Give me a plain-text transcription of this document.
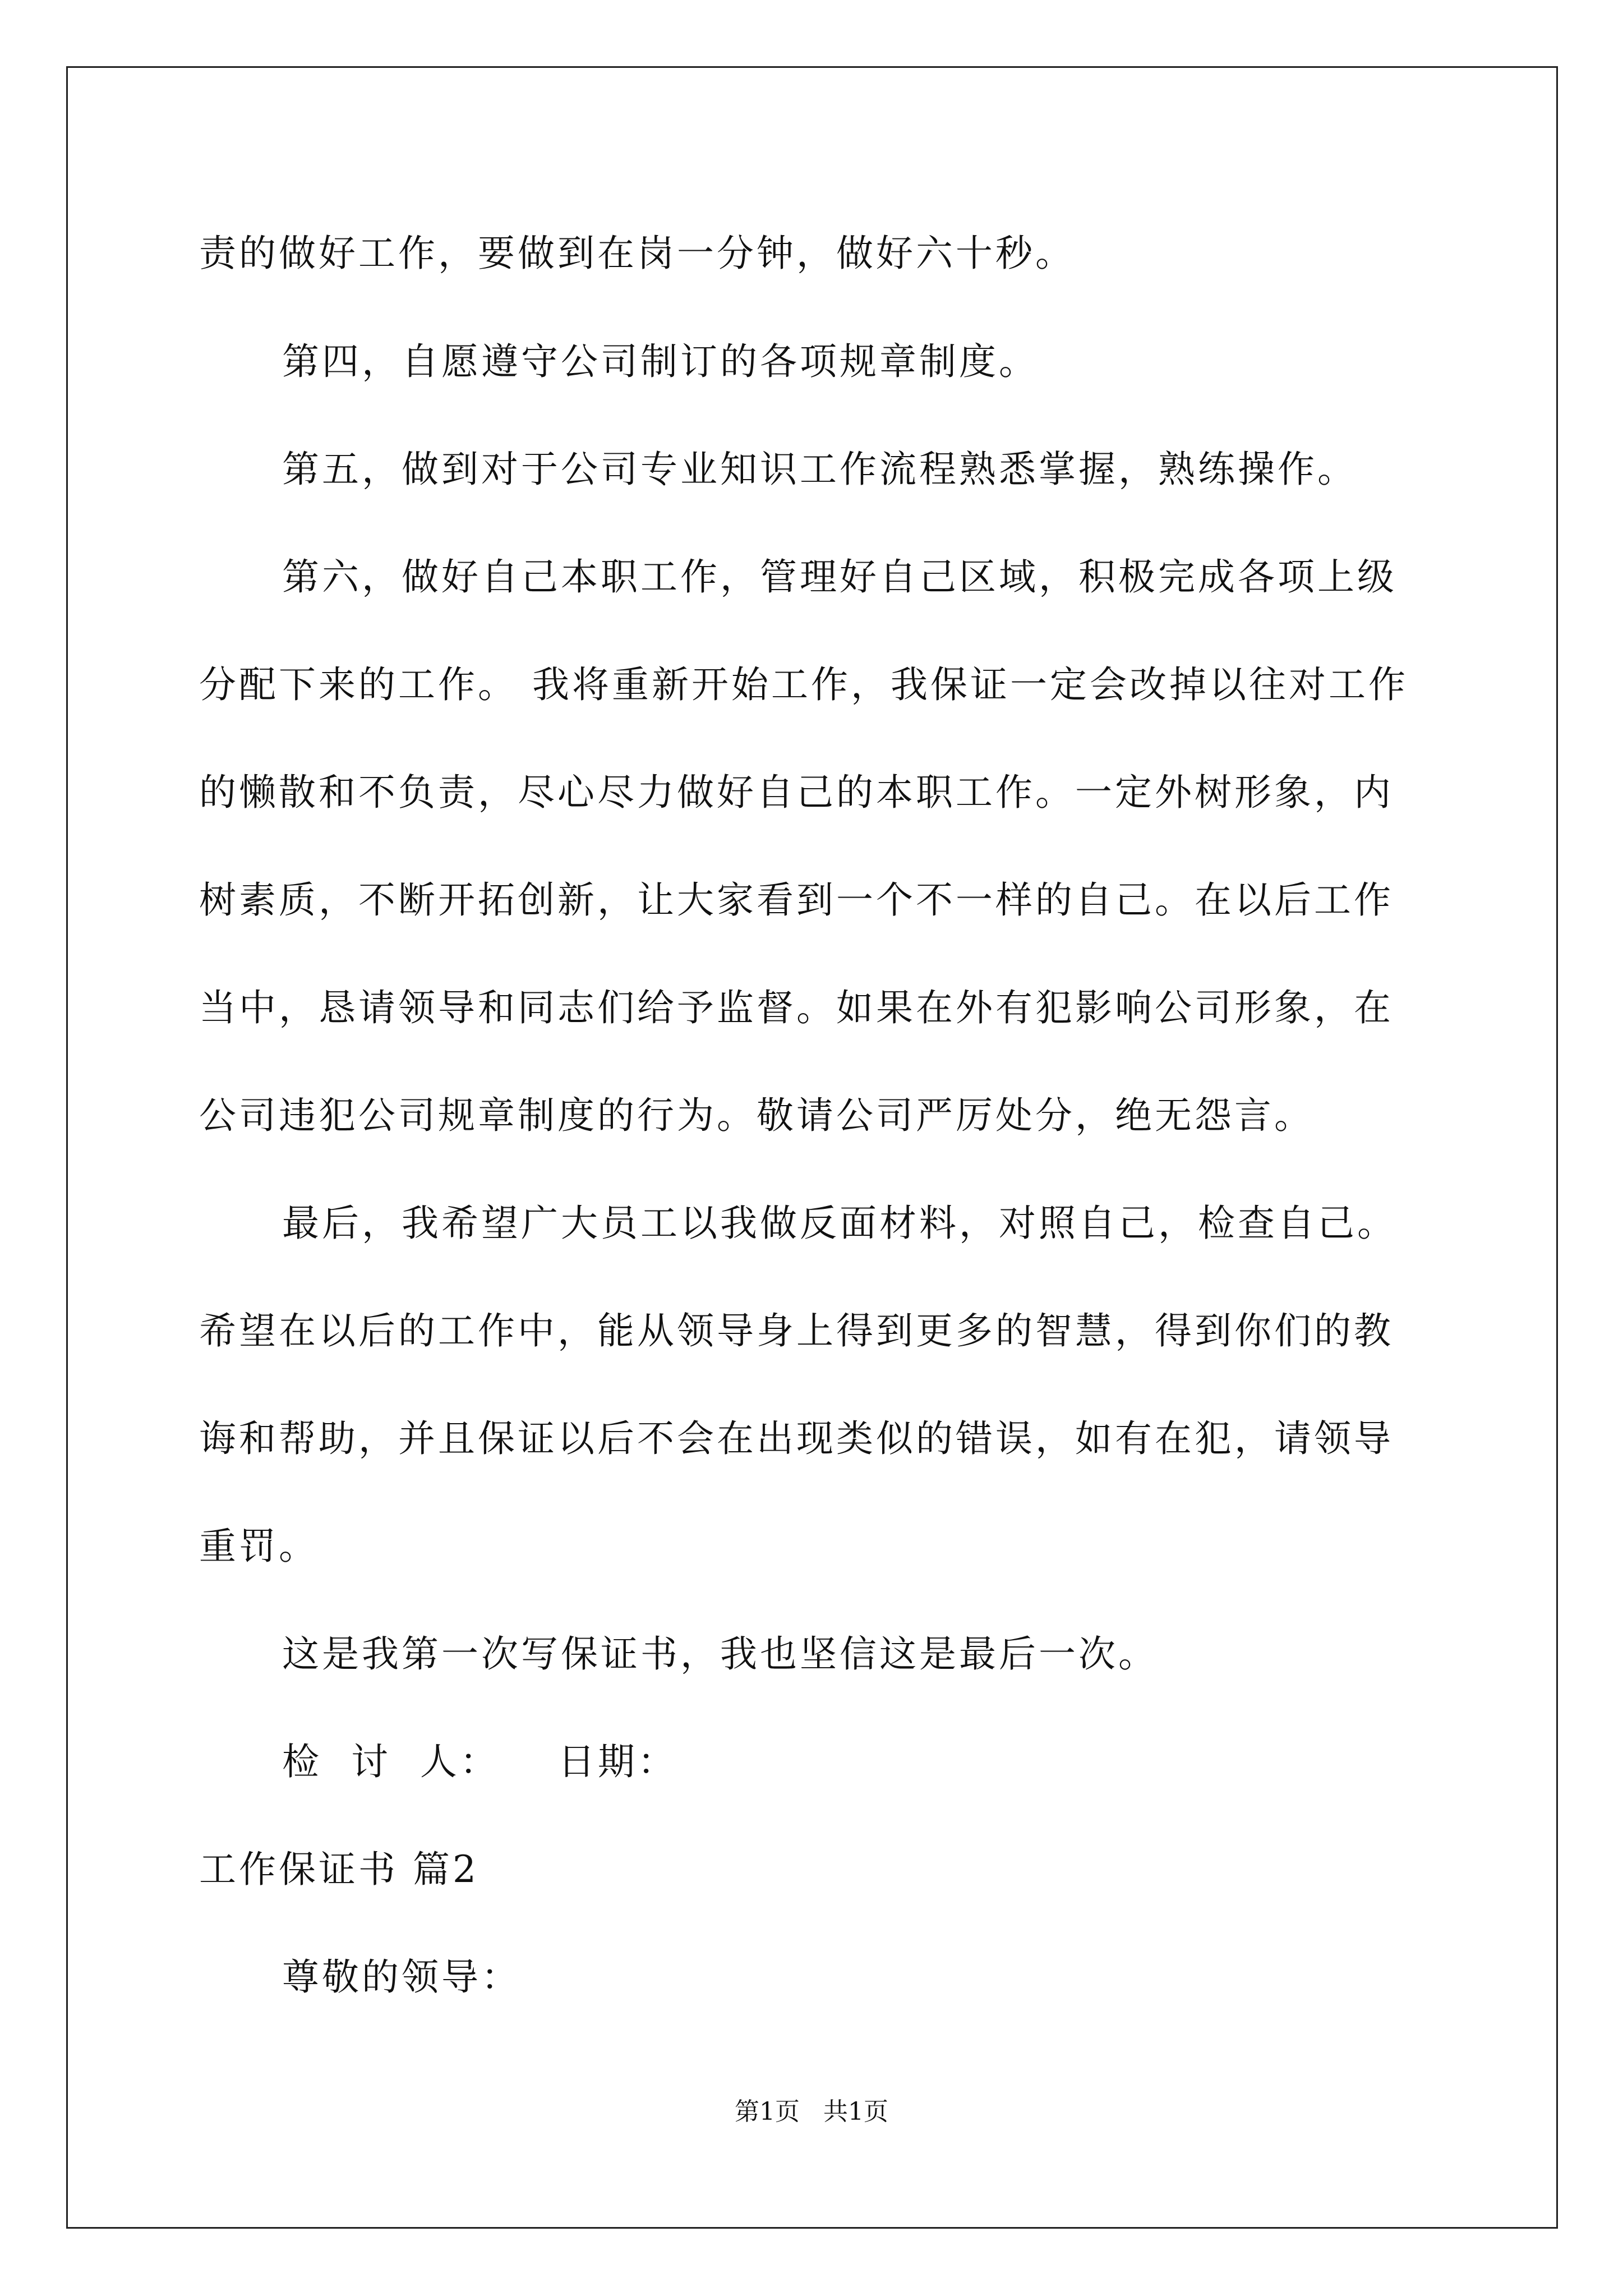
责的做好工作，要做到在岗一分钟，做好六十秒。
第四，自愿遵守公司制订的各项规章制度。
第五，做到对于公司专业知识工作流程熟悉掌握，熟练操作。
第六，做好自己本职工作，管理好自己区域，积极完成各项上级
分配下来的工作。 我将重新开始工作，我保证一定会改掉以往对工作
的懒散和不负责，尽心尽力做好自己的本职工作。一定外树形象，内
树素质，不断开拓创新，让大家看到一个不一样的自己。在以后工作
当中，恳请领导和同志们给予监督。如果在外有犯影响公司形象，在
公司违犯公司规章制度的行为。敬请公司严厉处分，绝无怨言。
最后，我希望广大员工以我做反面材料，对照自己，检查自己。
希望在以后的工作中，能从领导身上得到更多的智慧，得到你们的教
诲和帮助，并且保证以后不会在出现类似的错误，如有在犯，请领导
重罚。
这是我第一次写保证书，我也坚信这是最后一次。
检  讨  人：    日期：
工作保证书 篇2
尊敬的领导：
第1页   共1页
